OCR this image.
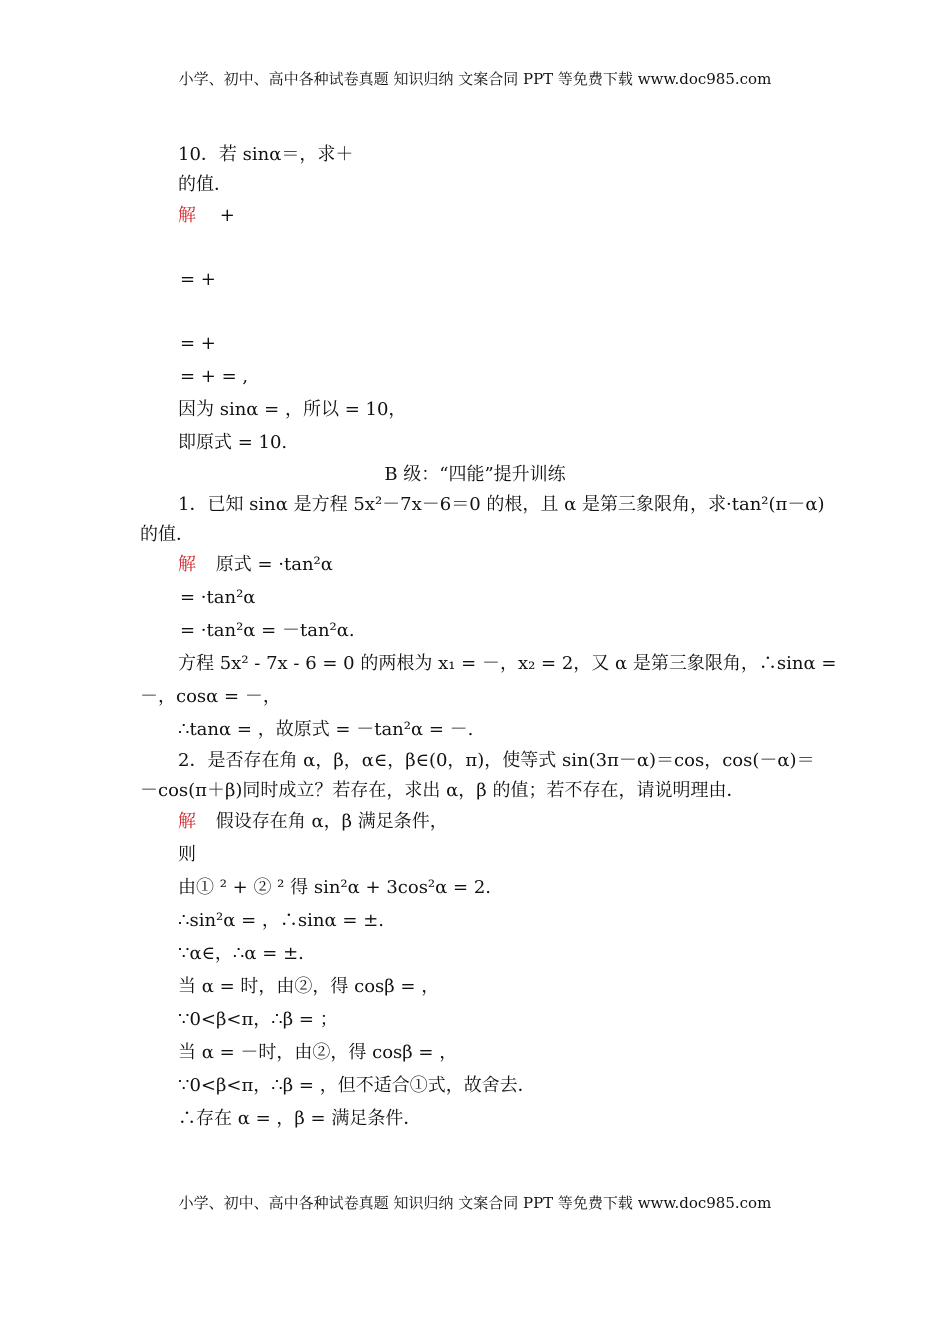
小学、初中、高中各种试卷真题 知识归纳 文案合同 PPT 等免费下载 www.doc985.com
10．若 sinα＝，求＋
的值．
解 +
= +
= +
= + = ,
因为 sinα = ，所以 = 10，
即原式 = 10.
B 级：“四能”提升训练
1．已知 sinα 是方程 5x²－7x－6＝0 的根，且 α 是第三象限角，求·tan²(π－α)
的值．
解 原式 = ·tan²α
= ·tan²α
= ·tan²α = －tan²α.
方程 5x² - 7x - 6 = 0 的两根为 x₁ = －，x₂ = 2，又 α 是第三象限角，∴sinα =
－，cosα = －，
∴tanα = ，故原式 = －tan²α = －.
2．是否存在角 α，β，α∈，β∈(0，π)，使等式 sin(3π－α)＝cos，cos(－α)＝
－cos(π＋β)同时成立？若存在，求出 α，β 的值；若不存在，请说明理由．
解 假设存在角 α，β 满足条件，
则
由① ² + ② ² 得 sin²α + 3cos²α = 2.
∴sin²α = ，∴sinα = ±.
∵α∈，∴α = ±.
当 α = 时，由②，得 cosβ = ，
∵0<β<π，∴β = ；
当 α = －时，由②，得 cosβ = ，
∵0<β<π，∴β = ，但不适合①式，故舍去．
∴存在 α = ，β = 满足条件．
小学、初中、高中各种试卷真题 知识归纳 文案合同 PPT 等免费下载 www.doc985.com
